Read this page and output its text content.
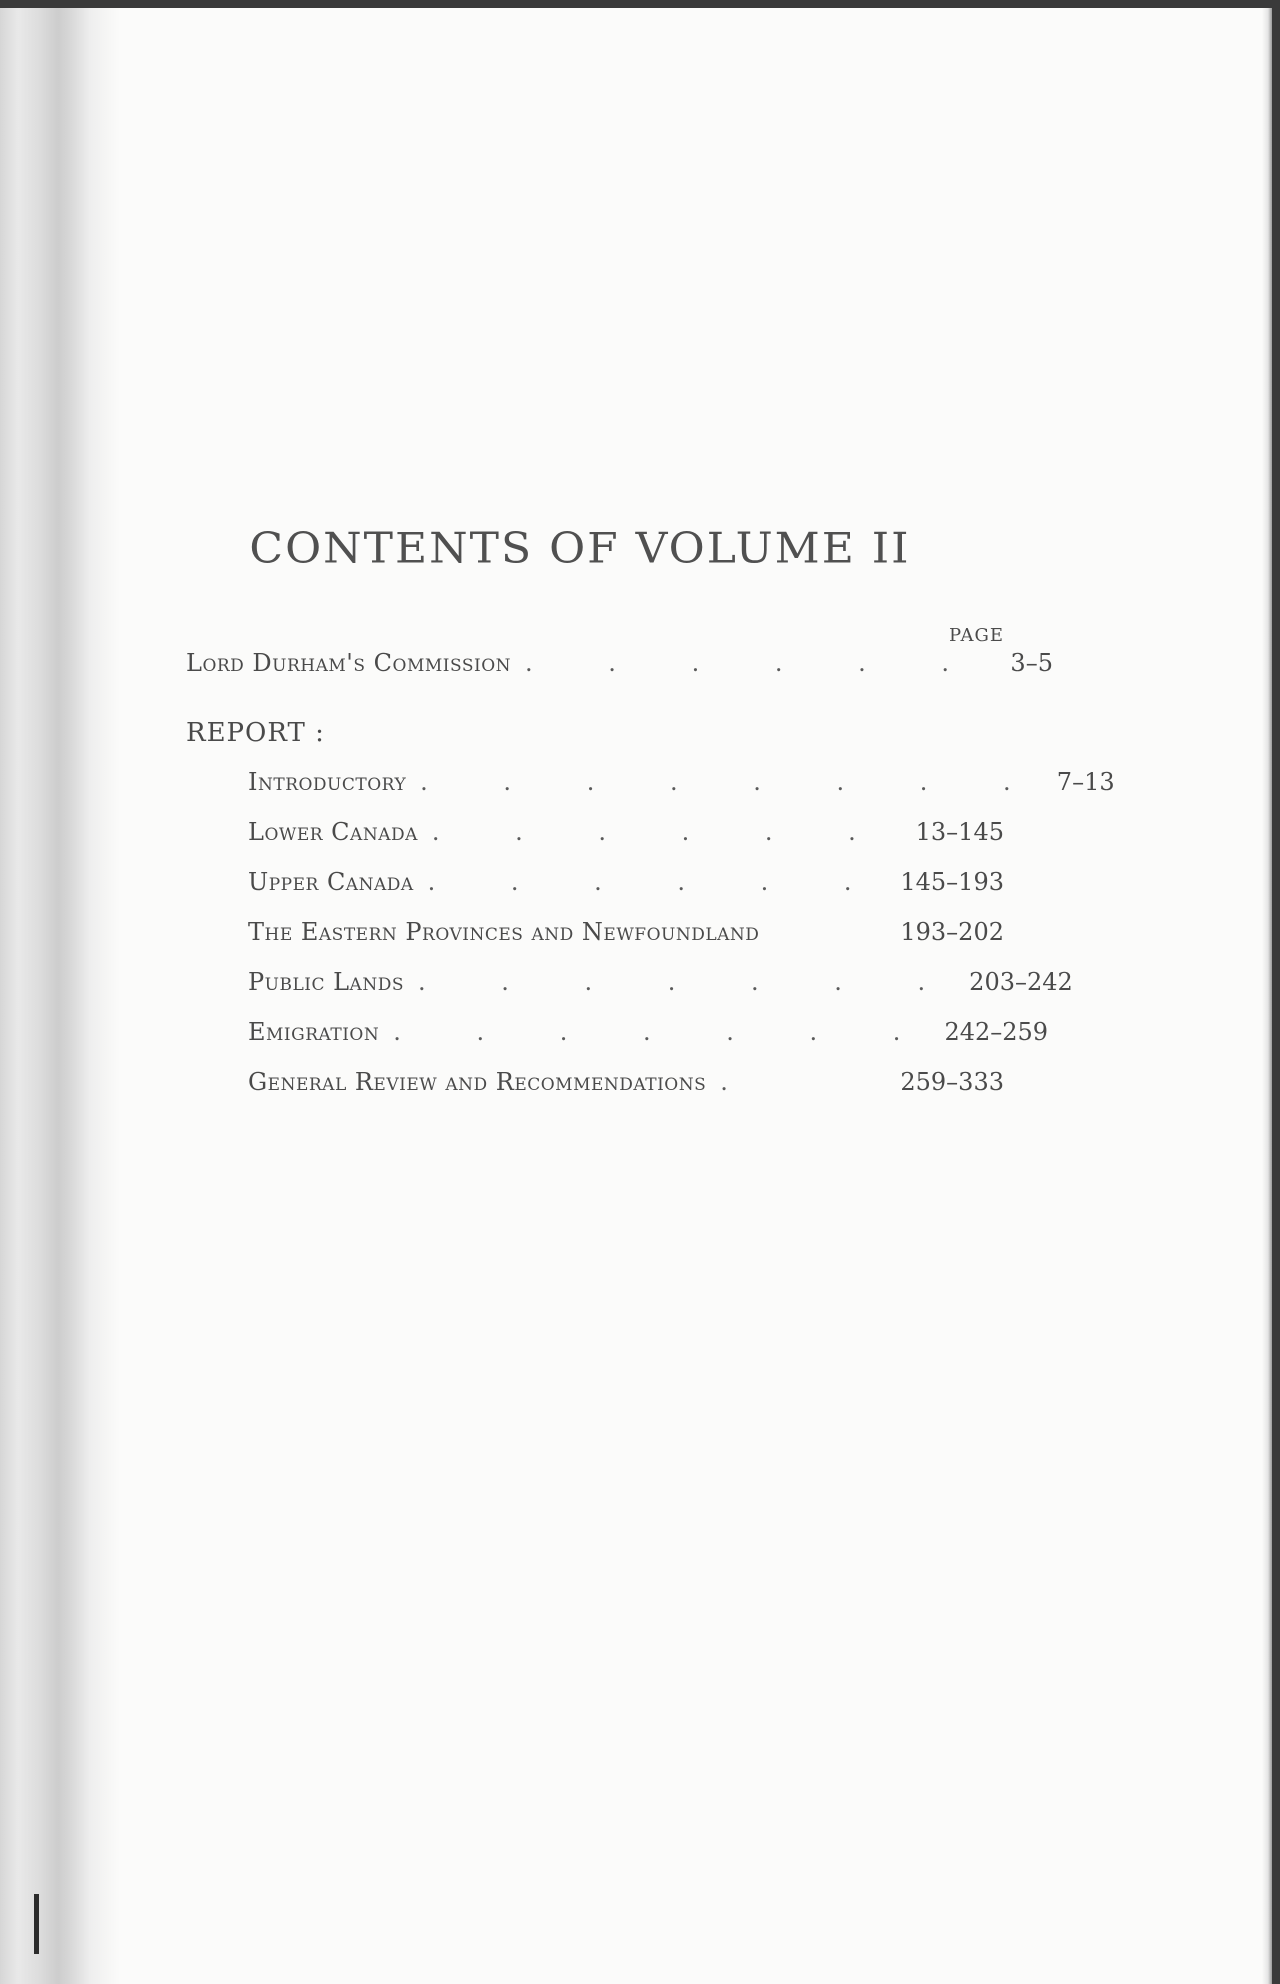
CONTENTS OF VOLUME II
PAGE
Lord Durham's Commission . . . . . .	3–5
REPORT :
Introductory . . . . . . . . 7–13
Lower Canada . . . . . .	13–145
Upper Canada . . . . . . 145–193
The Eastern Provinces and Newfoundland	193–202
Public Lands . . . . . . . 203–242
Emigration . . . . . . . 242–259
General Review and Recommendations .	259–333
